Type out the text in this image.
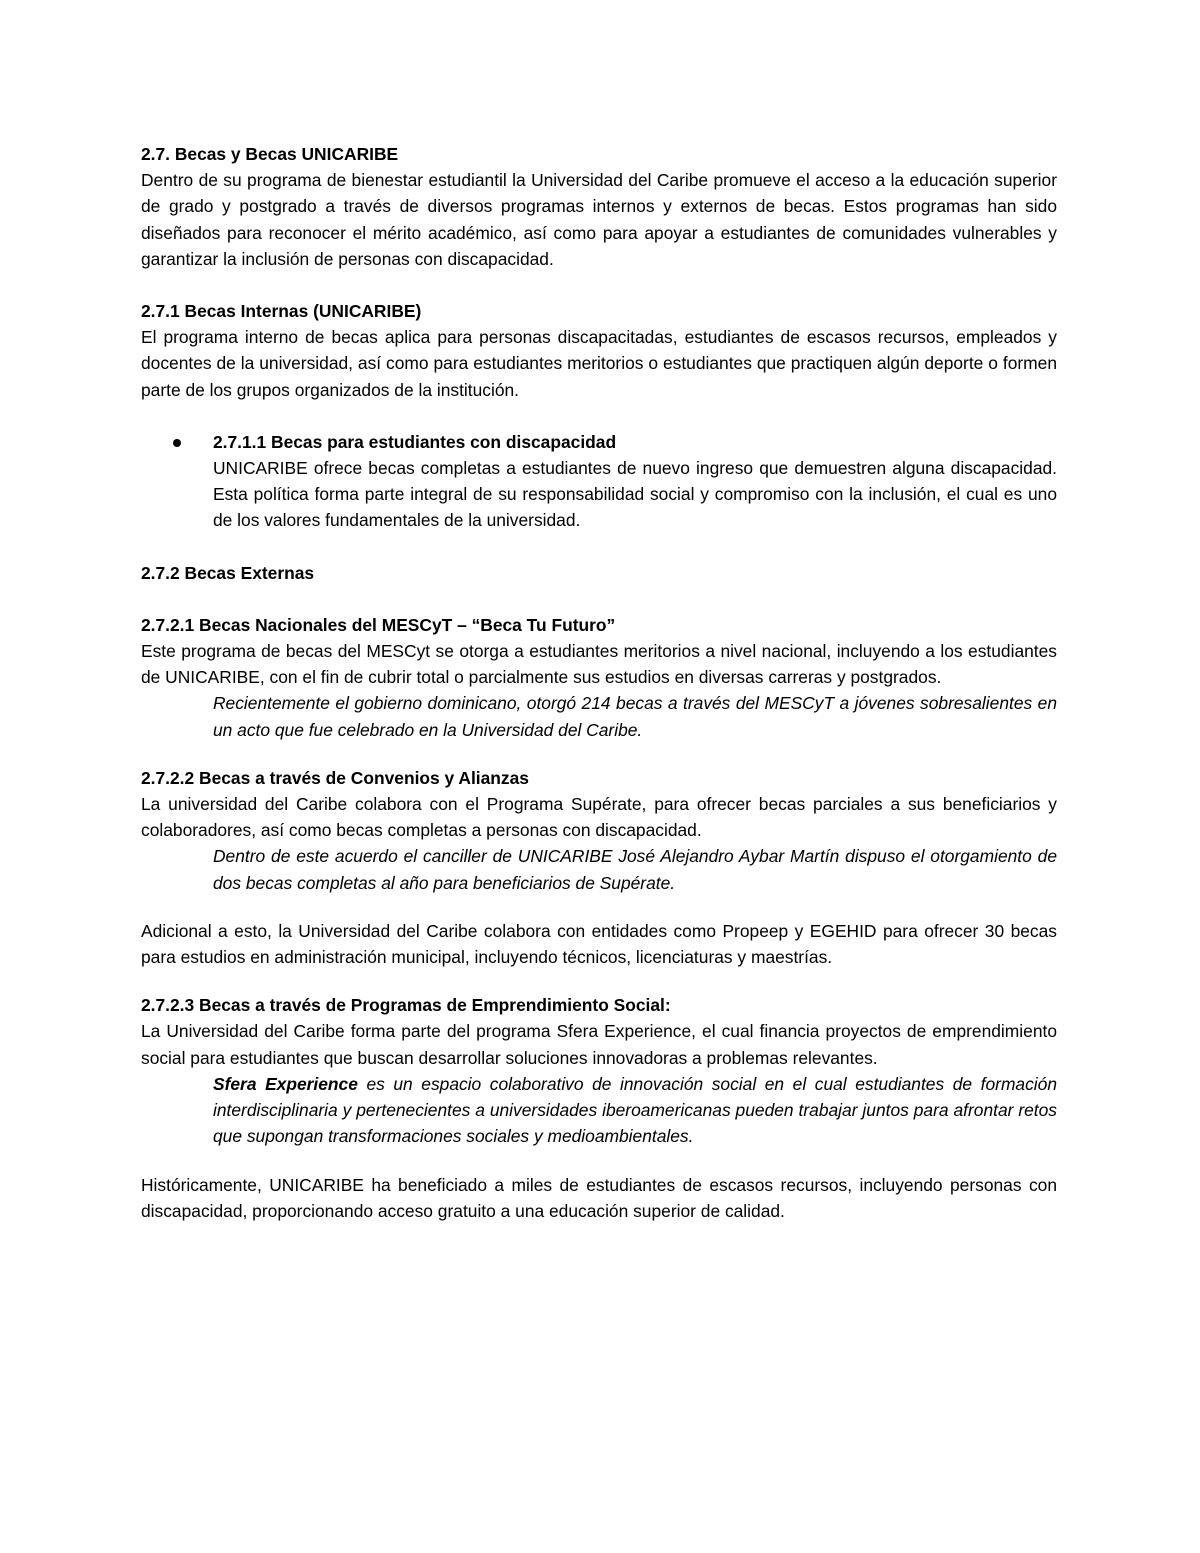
2.7. Becas y Becas UNICARIBE

Dentro de su programa de bienestar estudiantil la Universidad del Caribe promueve el acceso a la educación superior de grado y postgrado a través de diversos programas internos y externos de becas. Estos programas han sido diseñados para reconocer el mérito académico, así como para apoyar a estudiantes de comunidades vulnerables y garantizar la inclusión de personas con discapacidad.

2.7.1 Becas Internas (UNICARIBE)

El programa interno de becas aplica para personas discapacitadas, estudiantes de escasos recursos, empleados y docentes de la universidad, así como para estudiantes meritorios o estudiantes que practiquen algún deporte o formen parte de los grupos organizados de la institución.

2.7.1.1 Becas para estudiantes con discapacidad

UNICARIBE ofrece becas completas a estudiantes de nuevo ingreso que demuestren alguna discapacidad. Esta política forma parte integral de su responsabilidad social y compromiso con la inclusión, el cual es uno de los valores fundamentales de la universidad.

2.7.2 Becas Externas

2.7.2.1 Becas Nacionales del MESCyT – “Beca Tu Futuro”

Este programa de becas del MESCyt se otorga a estudiantes meritorios a nivel nacional, incluyendo a los estudiantes de UNICARIBE, con el fin de cubrir total o parcialmente sus estudios en diversas carreras y postgrados.

Recientemente el gobierno dominicano, otorgó 214 becas a través del MESCyT a jóvenes sobresalientes en un acto que fue celebrado en la Universidad del Caribe.

2.7.2.2 Becas a través de Convenios y Alianzas

La universidad del Caribe colabora con el Programa Supérate, para ofrecer becas parciales a sus beneficiarios y colaboradores, así como becas completas a personas con discapacidad.

Dentro de este acuerdo el canciller de UNICARIBE José Alejandro Aybar Martín dispuso el otorgamiento de dos becas completas al año para beneficiarios de Supérate.

Adicional a esto, la Universidad del Caribe colabora con entidades como Propeep y EGEHID para ofrecer 30 becas para estudios en administración municipal, incluyendo técnicos, licenciaturas y maestrías.

2.7.2.3 Becas a través de Programas de Emprendimiento Social:

La Universidad del Caribe forma parte del programa Sfera Experience, el cual financia proyectos de emprendimiento social para estudiantes que buscan desarrollar soluciones innovadoras a problemas relevantes.

Sfera Experience es un espacio colaborativo de innovación social en el cual estudiantes de formación interdisciplinaria y pertenecientes a universidades iberoamericanas pueden trabajar juntos para afrontar retos que supongan transformaciones sociales y medioambientales.

Históricamente, UNICARIBE ha beneficiado a miles de estudiantes de escasos recursos, incluyendo personas con discapacidad, proporcionando acceso gratuito a una educación superior de calidad.
